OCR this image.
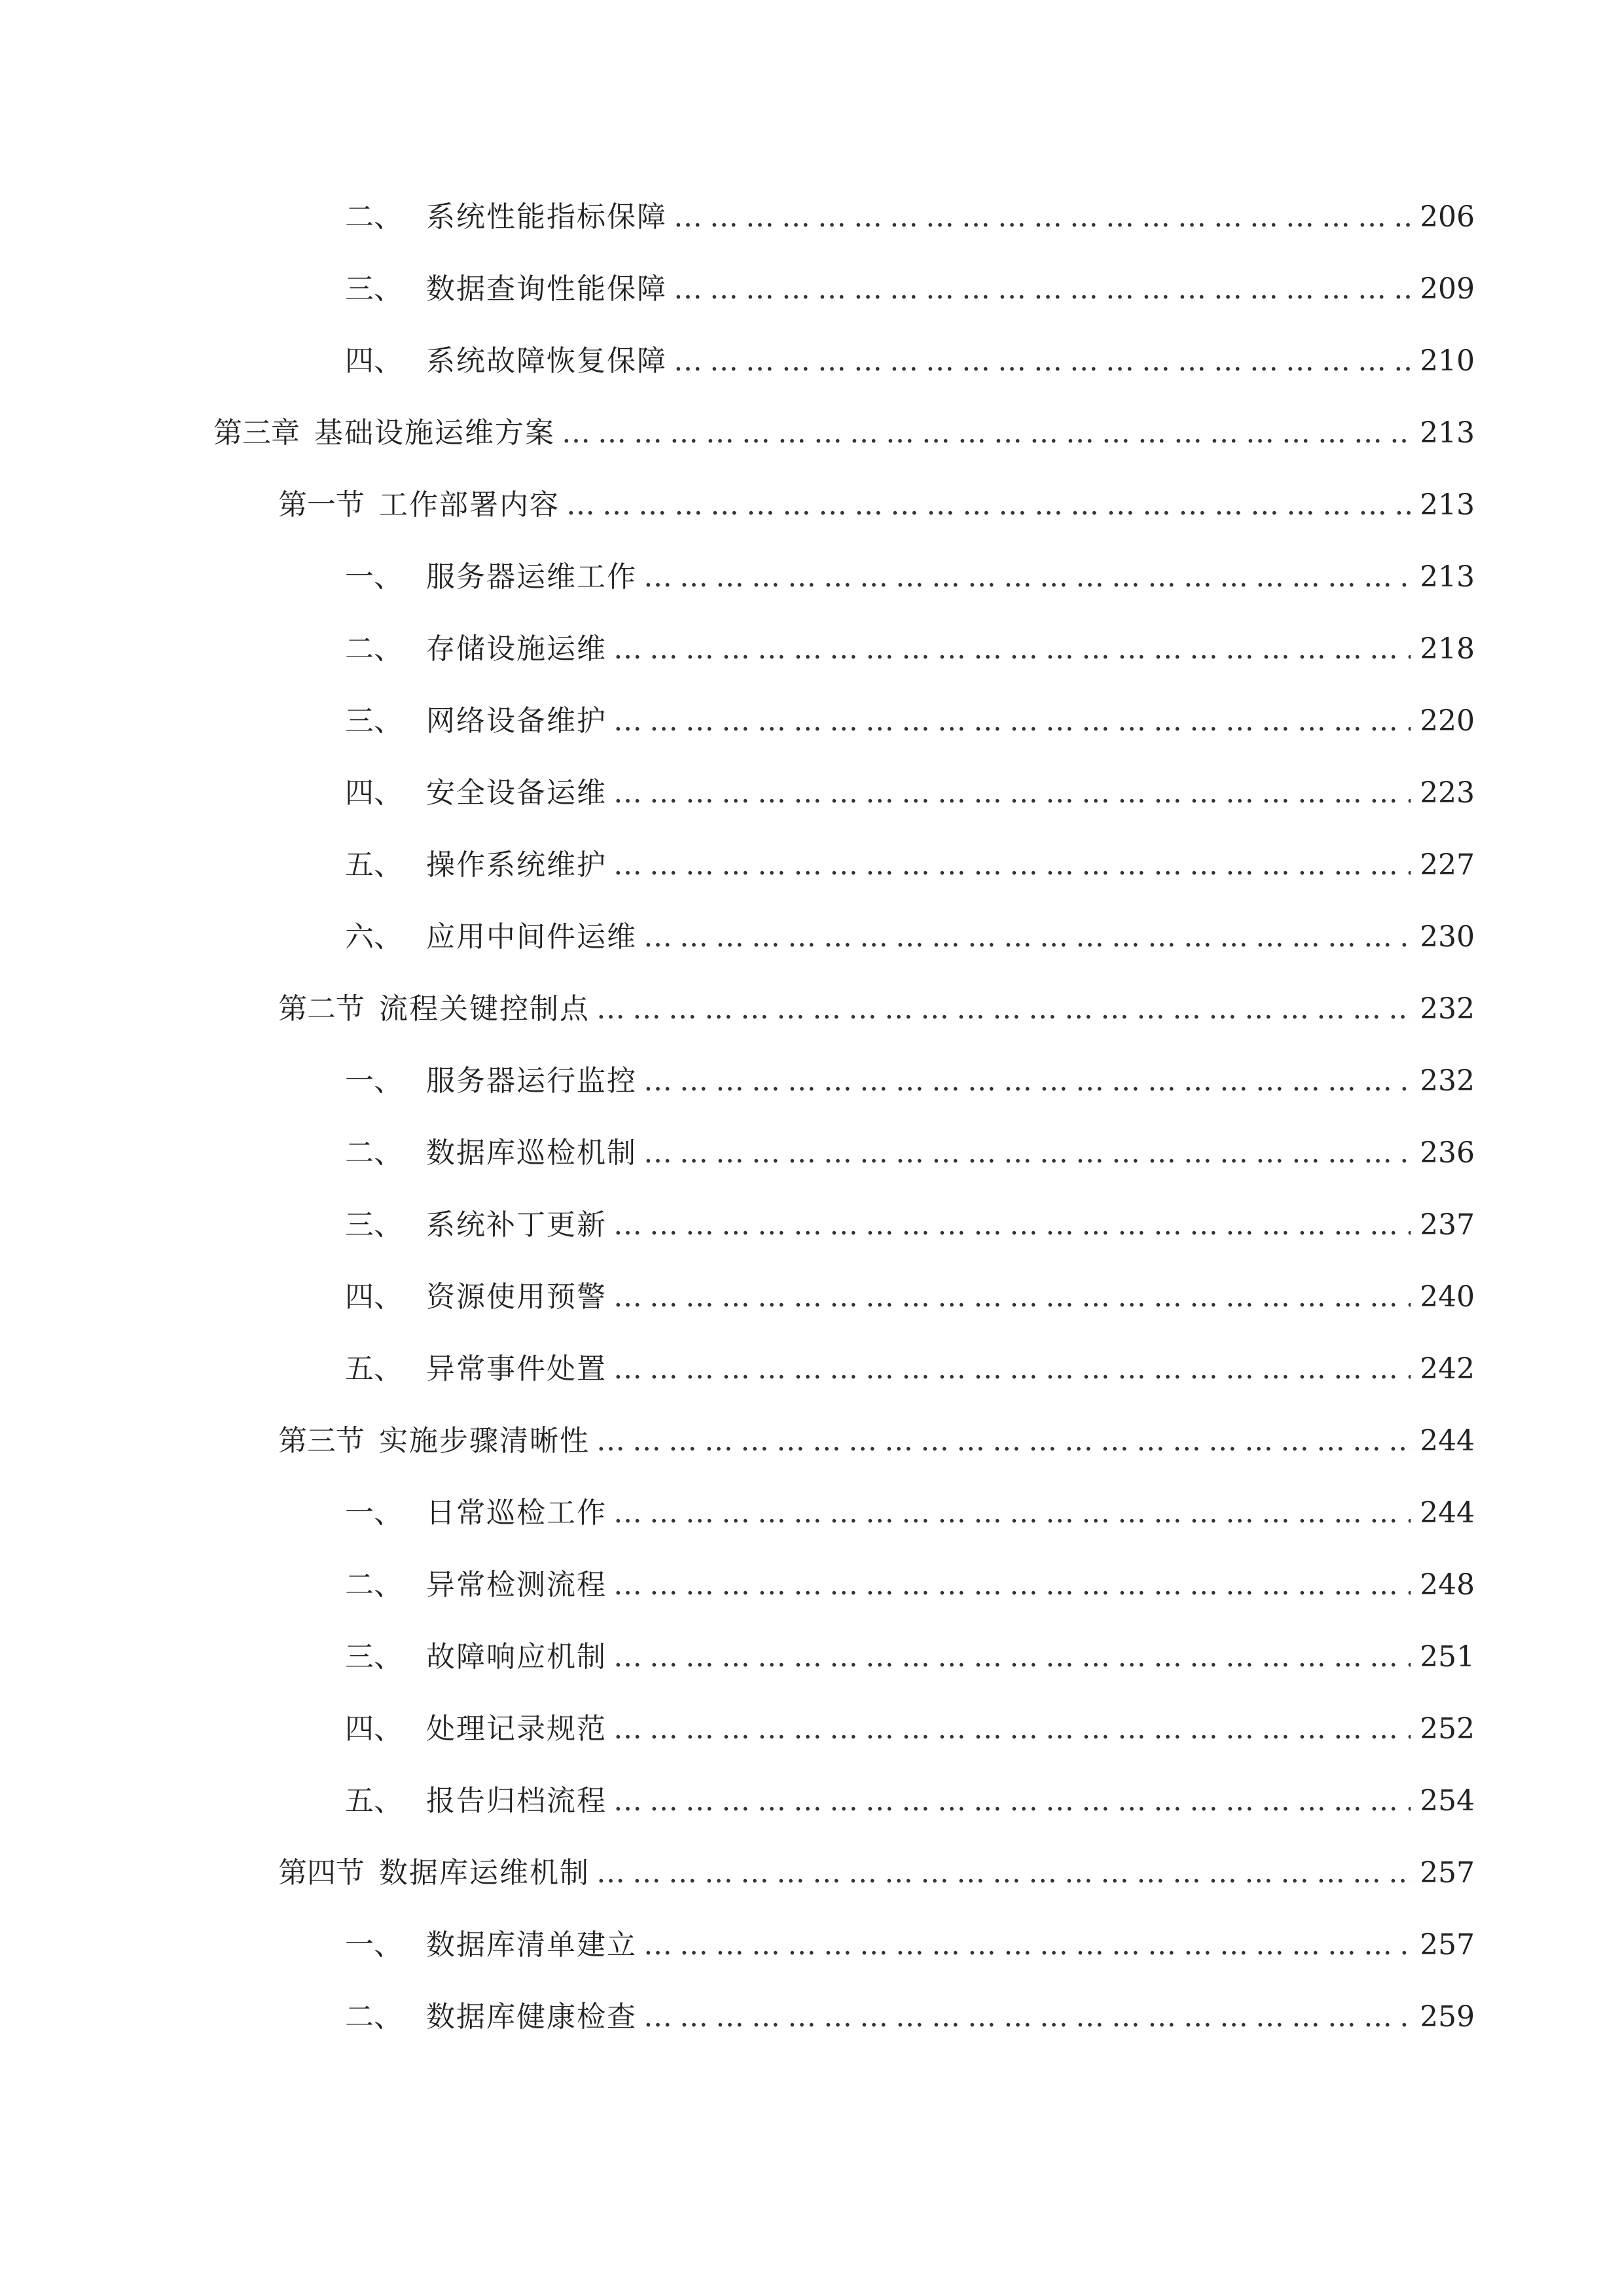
二、 系统性能指标保障 ……………………………………………………………………………………………………………………………………………………………………………………	206
三、 数据查询性能保障 ……………………………………………………………………………………………………………………………………………………………………………………	209
四、 系统故障恢复保障 ……………………………………………………………………………………………………………………………………………………………………………………	210
第三章 基础设施运维方案 ……………………………………………………………………………………………………………………………………………………………………………………	213
第一节 工作部署内容 ……………………………………………………………………………………………………………………………………………………………………………………	213
一、 服务器运维工作 ……………………………………………………………………………………………………………………………………………………………………………………	213
二、 存储设施运维 ……………………………………………………………………………………………………………………………………………………………………………………	218
三、 网络设备维护 ……………………………………………………………………………………………………………………………………………………………………………………	220
四、 安全设备运维 ……………………………………………………………………………………………………………………………………………………………………………………	223
五、 操作系统维护 ……………………………………………………………………………………………………………………………………………………………………………………	227
六、 应用中间件运维 ……………………………………………………………………………………………………………………………………………………………………………………	230
第二节 流程关键控制点 ……………………………………………………………………………………………………………………………………………………………………………………	232
一、 服务器运行监控 ……………………………………………………………………………………………………………………………………………………………………………………	232
二、 数据库巡检机制 ……………………………………………………………………………………………………………………………………………………………………………………	236
三、 系统补丁更新 ……………………………………………………………………………………………………………………………………………………………………………………	237
四、 资源使用预警 ……………………………………………………………………………………………………………………………………………………………………………………	240
五、 异常事件处置 ……………………………………………………………………………………………………………………………………………………………………………………	242
第三节 实施步骤清晰性 ……………………………………………………………………………………………………………………………………………………………………………………	244
一、 日常巡检工作 ……………………………………………………………………………………………………………………………………………………………………………………	244
二、 异常检测流程 ……………………………………………………………………………………………………………………………………………………………………………………	248
三、 故障响应机制 ……………………………………………………………………………………………………………………………………………………………………………………	251
四、 处理记录规范 ……………………………………………………………………………………………………………………………………………………………………………………	252
五、 报告归档流程 ……………………………………………………………………………………………………………………………………………………………………………………	254
第四节 数据库运维机制 ……………………………………………………………………………………………………………………………………………………………………………………	257
一、 数据库清单建立 ……………………………………………………………………………………………………………………………………………………………………………………	257
二、 数据库健康检查 ……………………………………………………………………………………………………………………………………………………………………………………	259
